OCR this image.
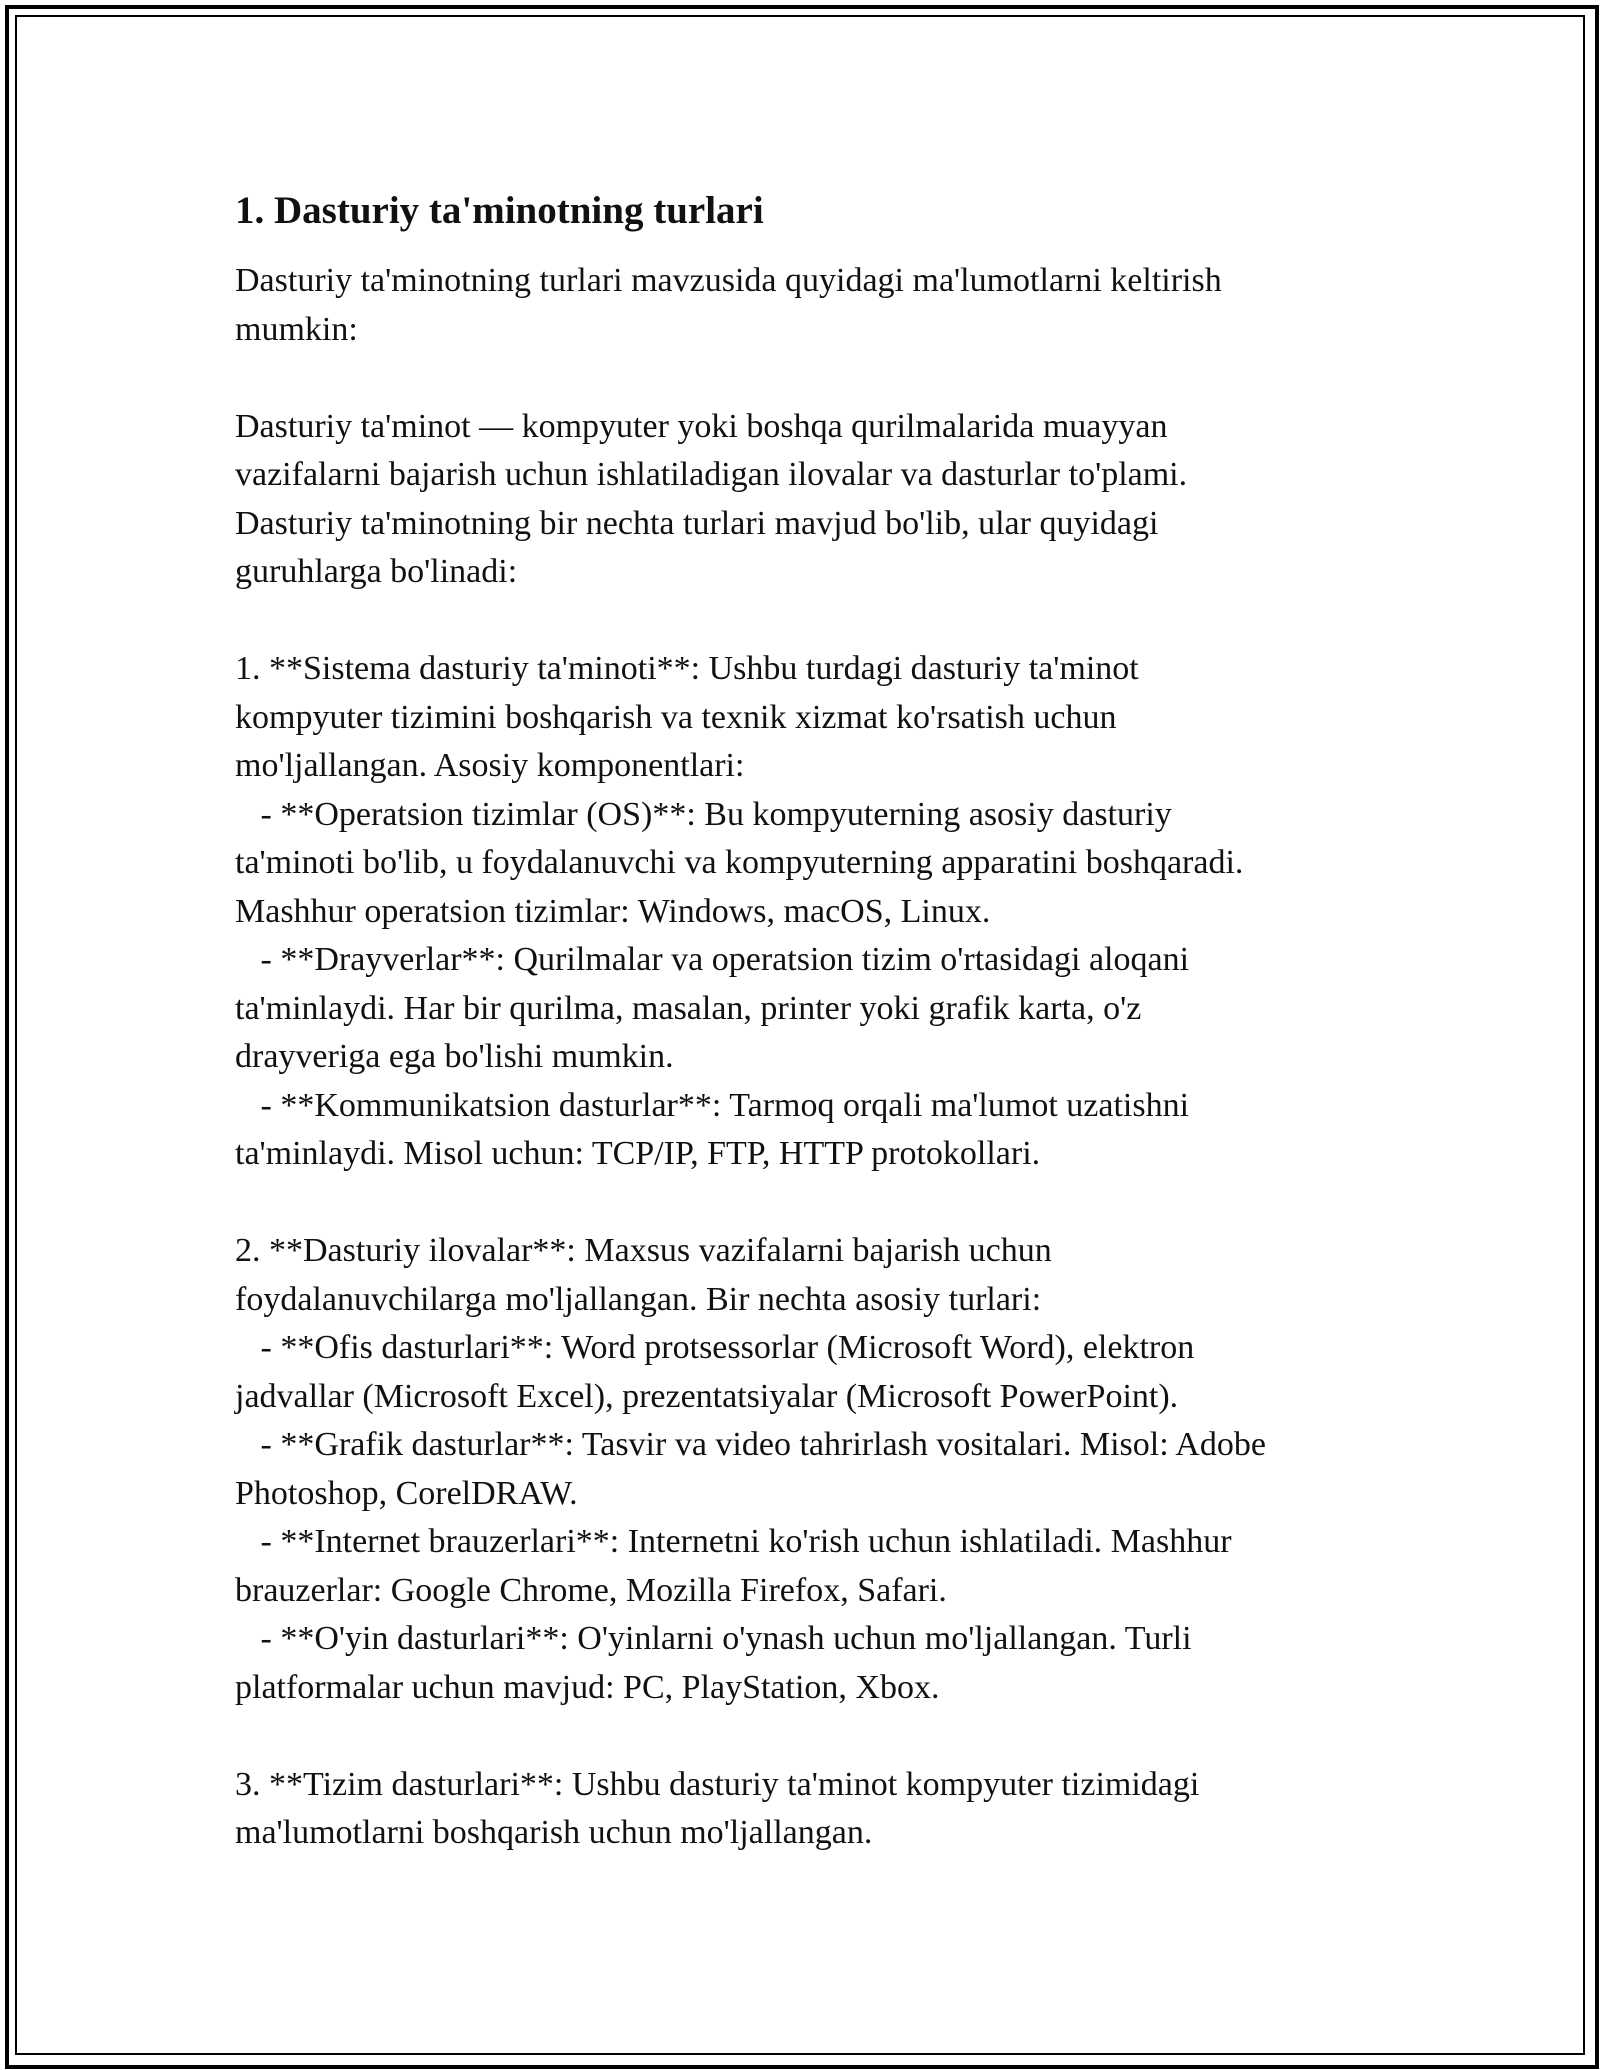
1. Dasturiy ta'minotning turlari
Dasturiy ta'minotning turlari mavzusida quyidagi ma'lumotlarni keltirish
mumkin:
Dasturiy ta'minot — kompyuter yoki boshqa qurilmalarida muayyan
vazifalarni bajarish uchun ishlatiladigan ilovalar va dasturlar to'plami.
Dasturiy ta'minotning bir nechta turlari mavjud bo'lib, ular quyidagi
guruhlarga bo'linadi:
1. **Sistema dasturiy ta'minoti**: Ushbu turdagi dasturiy ta'minot
kompyuter tizimini boshqarish va texnik xizmat ko'rsatish uchun
mo'ljallangan. Asosiy komponentlari:
- **Operatsion tizimlar (OS)**: Bu kompyuterning asosiy dasturiy
ta'minoti bo'lib, u foydalanuvchi va kompyuterning apparatini boshqaradi.
Mashhur operatsion tizimlar: Windows, macOS, Linux.
- **Drayverlar**: Qurilmalar va operatsion tizim o'rtasidagi aloqani
ta'minlaydi. Har bir qurilma, masalan, printer yoki grafik karta, o'z
drayveriga ega bo'lishi mumkin.
- **Kommunikatsion dasturlar**: Tarmoq orqali ma'lumot uzatishni
ta'minlaydi. Misol uchun: TCP/IP, FTP, HTTP protokollari.
2. **Dasturiy ilovalar**: Maxsus vazifalarni bajarish uchun
foydalanuvchilarga mo'ljallangan. Bir nechta asosiy turlari:
- **Ofis dasturlari**: Word protsessorlar (Microsoft Word), elektron
jadvallar (Microsoft Excel), prezentatsiyalar (Microsoft PowerPoint).
- **Grafik dasturlar**: Tasvir va video tahrirlash vositalari. Misol: Adobe
Photoshop, CorelDRAW.
- **Internet brauzerlari**: Internetni ko'rish uchun ishlatiladi. Mashhur
brauzerlar: Google Chrome, Mozilla Firefox, Safari.
- **O'yin dasturlari**: O'yinlarni o'ynash uchun mo'ljallangan. Turli
platformalar uchun mavjud: PC, PlayStation, Xbox.
3. **Tizim dasturlari**: Ushbu dasturiy ta'minot kompyuter tizimidagi
ma'lumotlarni boshqarish uchun mo'ljallangan.
